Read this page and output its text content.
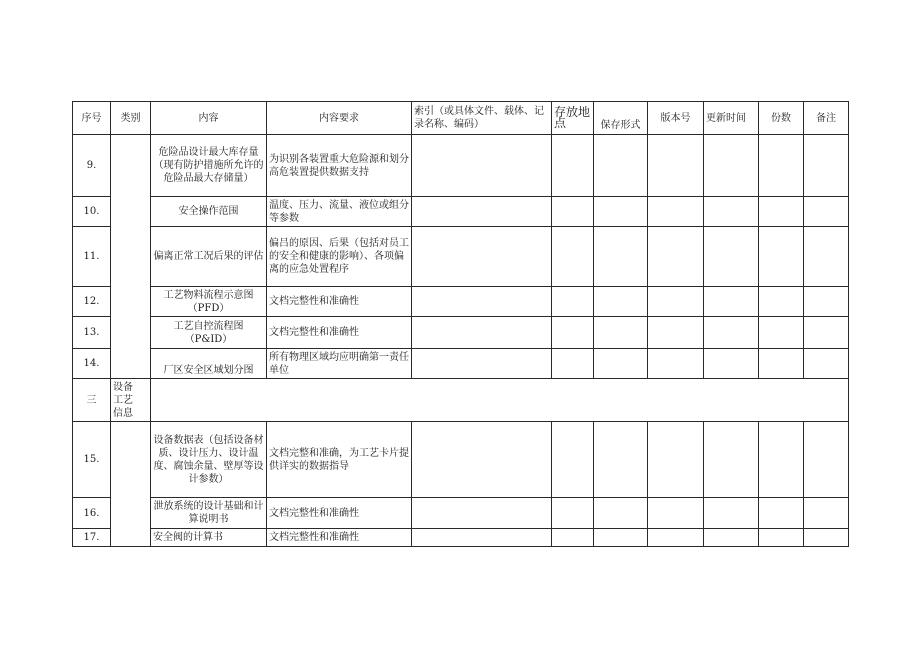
序号	类别	内容	内容要求	索引（或具体文件、载体、记录名称、编码）	存放地点	保存形式	版本号	更新时间	份数	备注
9.		危险品设计最大库存量（现有防护措施所允许的危险品最大存储量）	为识别各装置重大危险源和划分高危装置提供数据支持							
10.		安全操作范围	温度、压力、流量、液位或组分等参数							
11.		偏离正常工况后果的评估	偏吕的原因、后果（包括对员工的安全和健康的影响）、各项偏离的应急处置程序							
12.		工艺物料流程示意图（PFD）	文档完整性和准确性							
13.		工艺自控流程图（P&ID）	文档完整性和准确性							
14.		厂区安全区域划分图	所有物理区域均应明确第一责任单位							
三	设备工艺信息									

15.		设备数据表（包括设备材质、设计压力、设计温度、腐蚀余量、壁厚等设计参数）	文档完整和准确，为工艺卡片提供详实的数据指导							
16.		泄放系统的设计基础和计算说明书	文档完整性和准确性							
17.		安全阀的计算书	文档完整性和准确性							
